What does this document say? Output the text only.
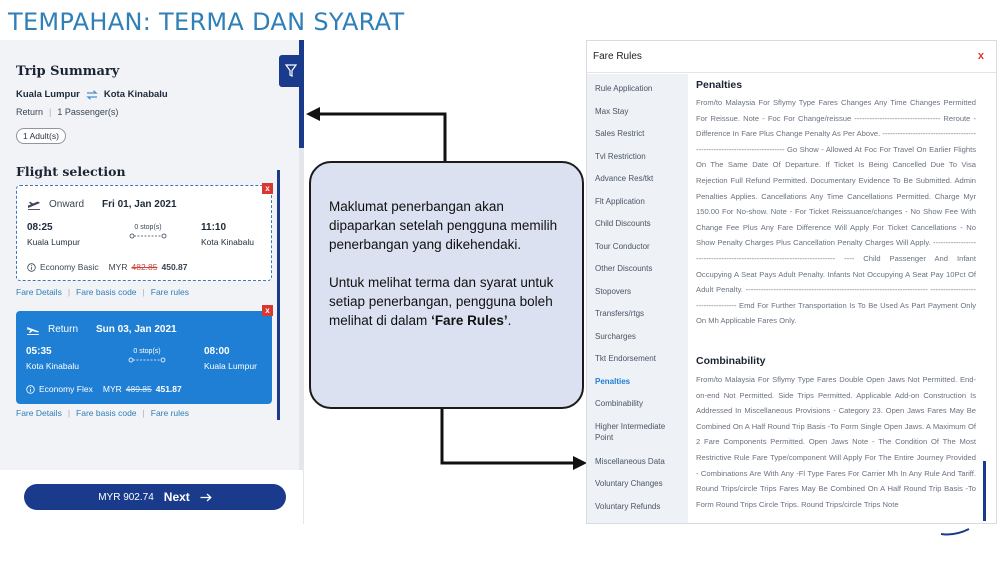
TEMPAHAN: TERMA DAN SYARAT
Trip Summary
Kuala Lumpur	Kota Kinabalu
Return | 1 Passenger(s)
1 Adult(s)
Flight selection
Onward Fri 01, Jan 2021
08:25
Kuala Lumpur
0 stop(s)	11:10
Kota Kinabalu
Economy Basic MYR 482.85 450.87
x
Fare Details | Fare basis code | Fare rules
Return Sun 03, Jan 2021
05:35
Kota Kinabalu
0 stop(s)	08:00
Kuala Lumpur
Economy Flex MYR 489.85 451.87
x
Fare Details | Fare basis code | Fare rules
MYR 902.74 Next

Maklumat penerbangan akan dipaparkan setelah pengguna memilih penerbangan yang dikehendaki.

Untuk melihat terma dan syarat untuk setiap penerbangan, pengguna boleh melihat di dalam ‘Fare Rules’.

Fare Rules	x
Rule Application
Max Stay
Sales Restrict
Tvl Restriction
Advance Res/tkt
Flt Application
Child Discounts
Tour Conductor
Other Discounts
Stopovers
Transfers/rtgs
Surcharges
Tkt Endorsement
Penalties
Combinability
Higher Intermediate Point
Miscellaneous Data
Voluntary Changes
Voluntary Refunds
Penalties
From/to Malaysia For Sflymy Type Fares Changes Any Time Changes Permitted For Reissue. Note - Foc For Change/reissue ---------------------------------- Reroute - Difference In Fare Plus Change Penalty As Per Above. ------------------------------------------------------------------------ Go Show - Allowed At Foc For Travel On Earlier Flights On The Same Date Of Departure. If Ticket Is Being Cancelled Due To Visa Rejection Full Refund Permitted. Documentary Evidence To Be Submitted. Admin Penalties Applies. Cancellations Any Time Cancellations Permitted. Charge Myr 150.00 For No-show. Note - For Ticket Reissuance/changes - No Show Fee With Change Fee Plus Any Fare Difference Will Apply For Ticket Cancellations - No Show Penalty Charges Plus Cancellation Penalty Charges Will Apply. ------------------------------------------------------------------------ ---- Child Passenger And Infant Occupying A Seat Pays Adult Penalty. Infants Not Occupying A Seat Pay 10Pct Of Adult Penalty. ------------------------------------------------------------------------ ---------------------------------- Emd For Further Transportation Is To Be Used As Part Payment Only On Mh Applicable Fares Only.
Combinability
From/to Malaysia For Sflymy Type Fares Double Open Jaws Not Permitted. End-on-end Not Permitted. Side Trips Permitted. Applicable Add-on Construction Is Addressed In Miscellaneous Provisions - Category 23. Open Jaws Fares May Be Combined On A Half Round Trip Basis -To Form Single Open Jaws. A Maximum Of 2 Fare Components Permitted. Open Jaws Note - The Condition Of The Most Restrictive Rule Fare Type/component Will Apply For The Entire Journey Provided - Combinations Are With Any -Fl Type Fares For Carrier Mh In Any Rule And Tariff. Round Trips/circle Trips Fares May Be Combined On A Half Round Trip Basis -To Form Round Trips Circle Trips. Round Trips/circle Trips Note
